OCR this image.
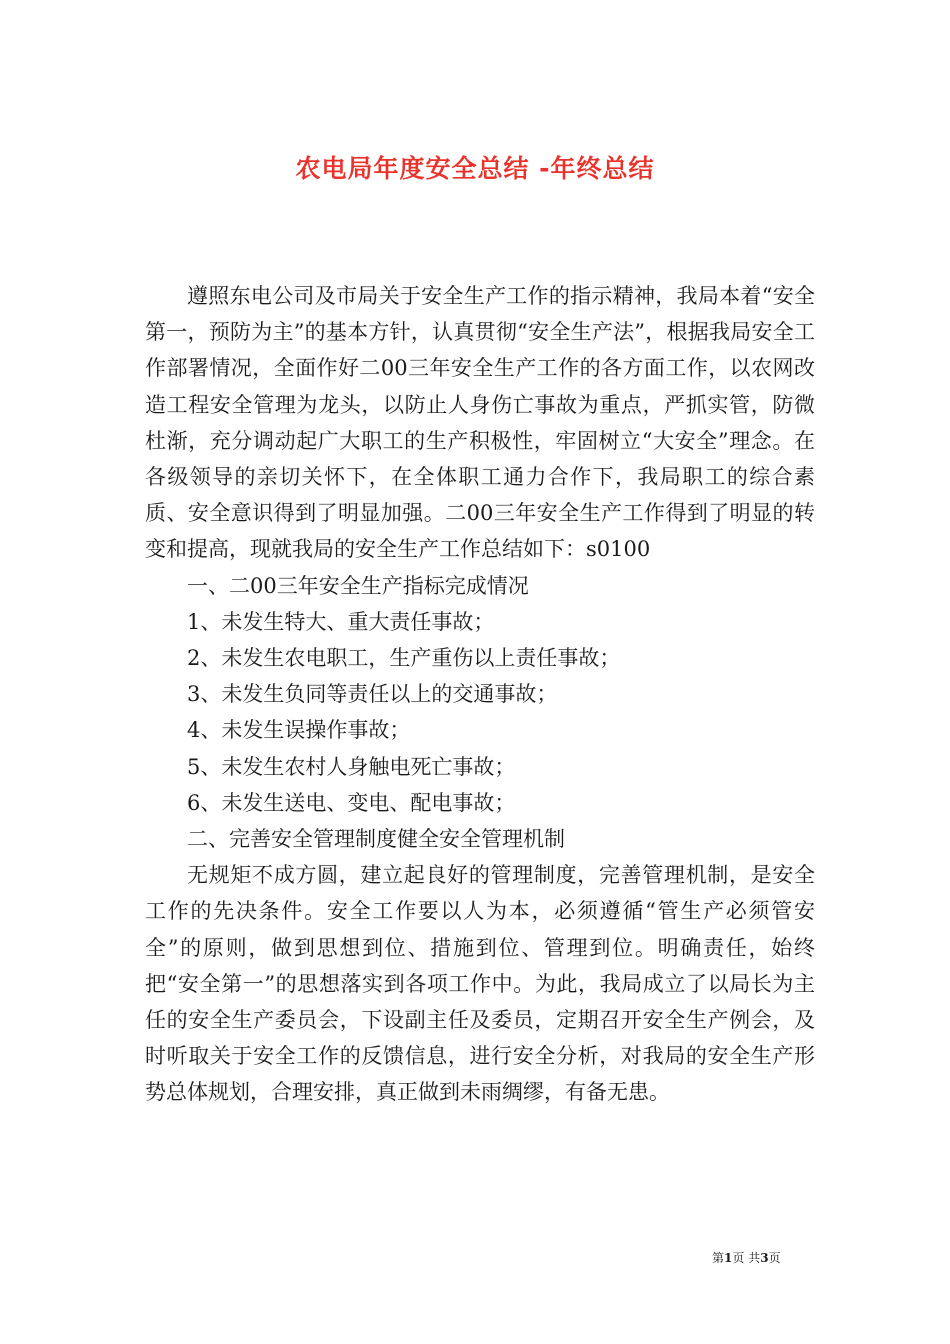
农电局年度安全总结 -年终总结

遵照东电公司及市局关于安全生产工作的指示精神，我局本着“安全第一，预防为主”的基本方针，认真贯彻“安全生产法”，根据我局安全工作部署情况，全面作好二00三年安全生产工作的各方面工作，以农网改造工程安全管理为龙头，以防止人身伤亡事故为重点，严抓实管，防微杜渐，充分调动起广大职工的生产积极性，牢固树立“大安全”理念。在各级领导的亲切关怀下，在全体职工通力合作下，我局职工的综合素质、安全意识得到了明显加强。二00三年安全生产工作得到了明显的转变和提高，现就我局的安全生产工作总结如下：s0100

一、二00三年安全生产指标完成情况

1、未发生特大、重大责任事故；

2、未发生农电职工，生产重伤以上责任事故；

3、未发生负同等责任以上的交通事故；

4、未发生误操作事故；

5、未发生农村人身触电死亡事故；

6、未发生送电、变电、配电事故；

二、完善安全管理制度健全安全管理机制

无规矩不成方圆，建立起良好的管理制度，完善管理机制，是安全工作的先决条件。安全工作要以人为本，必须遵循“管生产必须管安全”的原则，做到思想到位、措施到位、管理到位。明确责任，始终把“安全第一”的思想落实到各项工作中。为此，我局成立了以局长为主任的安全生产委员会，下设副主任及委员，定期召开安全生产例会，及时听取关于安全工作的反馈信息，进行安全分析，对我局的安全生产形势总体规划，合理安排，真正做到未雨绸缪，有备无患。

第1页 共3页
